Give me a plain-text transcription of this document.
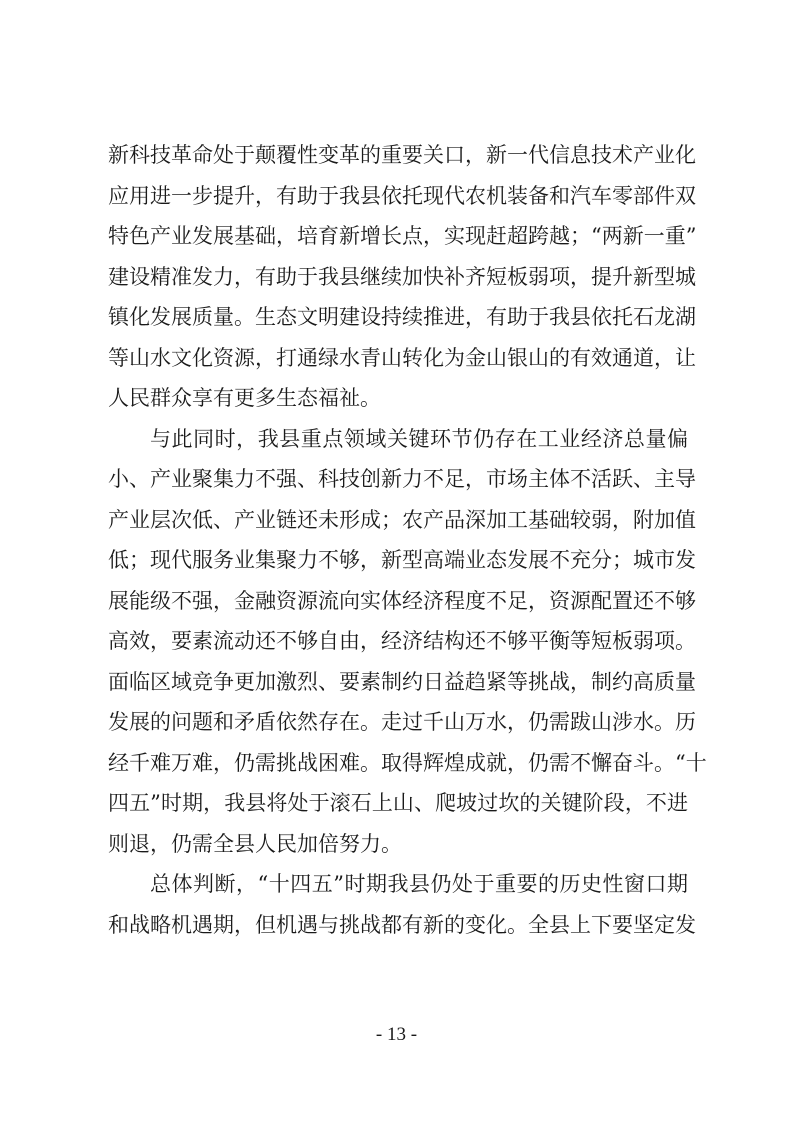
新科技革命处于颠覆性变革的重要关口，新一代信息技术产业化
应用进一步提升，有助于我县依托现代农机装备和汽车零部件双
特色产业发展基础，培育新增长点，实现赶超跨越；“两新一重”
建设精准发力，有助于我县继续加快补齐短板弱项，提升新型城
镇化发展质量。生态文明建设持续推进，有助于我县依托石龙湖
等山水文化资源，打通绿水青山转化为金山银山的有效通道，让
人民群众享有更多生态福祉。
与此同时，我县重点领域关键环节仍存在工业经济总量偏
小、产业聚集力不强、科技创新力不足，市场主体不活跃、主导
产业层次低、产业链还未形成；农产品深加工基础较弱，附加值
低；现代服务业集聚力不够，新型高端业态发展不充分；城市发
展能级不强，金融资源流向实体经济程度不足，资源配置还不够
高效，要素流动还不够自由，经济结构还不够平衡等短板弱项。
面临区域竞争更加激烈、要素制约日益趋紧等挑战，制约高质量
发展的问题和矛盾依然存在。走过千山万水，仍需跋山涉水。历
经千难万难，仍需挑战困难。取得辉煌成就，仍需不懈奋斗。“十
四五”时期，我县将处于滚石上山、爬坡过坎的关键阶段，不进
则退，仍需全县人民加倍努力。
总体判断，“十四五”时期我县仍处于重要的历史性窗口期
和战略机遇期，但机遇与挑战都有新的变化。全县上下要坚定发
- 13 -
